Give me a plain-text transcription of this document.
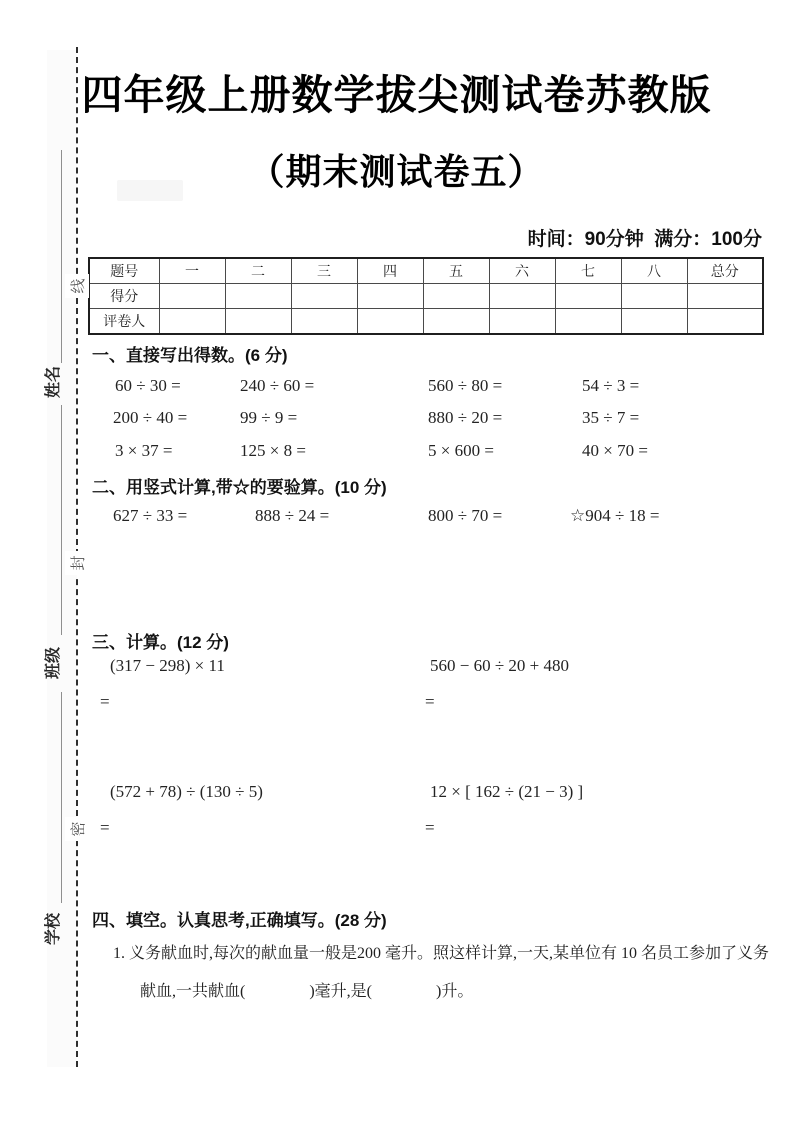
线
封
密
姓名
班级
学校
四年级上册数学拔尖测试卷苏教版
（期末测试卷五）
时间：90分钟  满分：100分
题号	一	二	三	四	五	六	七	八	总分
得分									
评卷人									
一、直接写出得数。(6 分)
60 ÷ 30 =	240 ÷ 60 =	560 ÷ 80 =	54 ÷ 3 =
200 ÷ 40 =	99 ÷ 9 =	880 ÷ 20 =	35 ÷ 7 =
3 × 37 =	125 × 8 =	5 × 600 =	40 × 70 =
二、用竖式计算,带☆的要验算。(10 分)
627 ÷ 33 =	888 ÷ 24 =	800 ÷ 70 =	☆904 ÷ 18 =
三、计算。(12 分)
(317 − 298) × 11	560 − 60 ÷ 20 + 480
=	=
(572 + 78) ÷ (130 ÷ 5)	12 × [ 162 ÷ (21 − 3) ]
=	=
四、填空。认真思考,正确填写。(28 分)
1. 义务献血时,每次的献血量一般是200 毫升。照这样计算,一天,某单位有 10 名员工参加了义务
献血,一共献血(　　　　)毫升,是(　　　　)升。
